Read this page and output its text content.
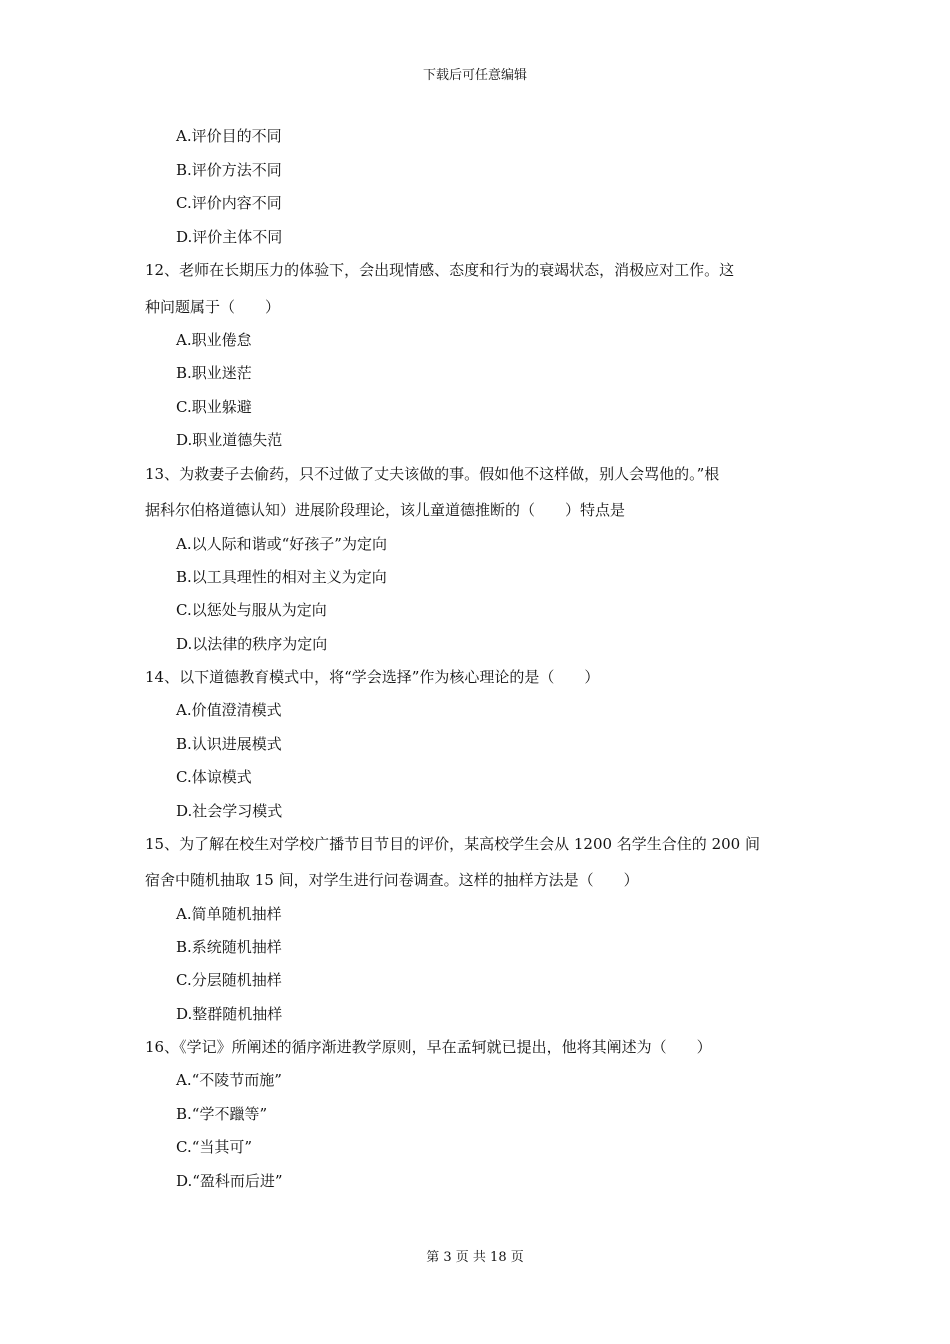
下载后可任意编辑
A.评价目的不同
B.评价方法不同
C.评价内容不同
D.评价主体不同
12、老师在长期压力的体验下，会出现情感、态度和行为的衰竭状态，消极应对工作。这
种问题属于（　　）
A.职业倦怠
B.职业迷茫
C.职业躲避
D.职业道德失范
13、为救妻子去偷药，只不过做了丈夫该做的事。假如他不这样做，别人会骂他的。”根
据科尔伯格道德认知）进展阶段理论，该儿童道德推断的（　　）特点是
A.以人际和谐或“好孩子”为定向
B.以工具理性的相对主义为定向
C.以惩处与服从为定向
D.以法律的秩序为定向
14、以下道德教育模式中，将“学会选择”作为核心理论的是（　　）
A.价值澄清模式
B.认识进展模式
C.体谅模式
D.社会学习模式
15、为了解在校生对学校广播节目节目的评价，某高校学生会从 1200 名学生合住的 200 间
宿舍中随机抽取 15 间，对学生进行问卷调查。这样的抽样方法是（　　）
A.简单随机抽样
B.系统随机抽样
C.分层随机抽样
D.整群随机抽样
16、《学记》所阐述的循序渐进教学原则，早在孟轲就已提出，他将其阐述为（　　）
A.“不陵节而施”
B.“学不躐等”
C.“当其可”
D.“盈科而后进”
第 3 页 共 18 页
